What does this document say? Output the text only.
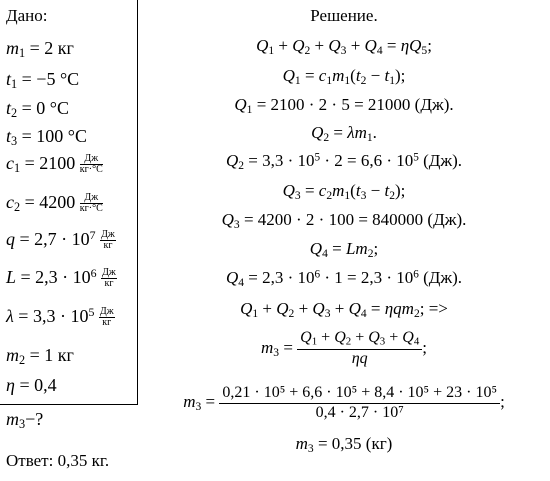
Дано:
$m_1 = 2$ кг
$t_1 = -5$ °C
$t_2 = 0$ °C
$t_3 = 100$ °C
$c_1 = 2100 \frac{Дж}{кг\cdot^\circ C}$
$c_2 = 4200 \frac{Дж}{кг\cdot^\circ C}$
$q = 2,7 \cdot 10^7 \frac{Дж}{кг}$
$L = 2,3 \cdot 10^6 \frac{Дж}{кг}$
$\lambda = 3,3 \cdot 10^5 \frac{Дж}{кг}$
$m_2 = 1$ кг
η = 0,4
$m_3-$?
Решение.
$Q_1 + Q_2 + Q_3 + Q_4 = \eta Q_5$;
$Q_1 = c_1m_1(t_2 - t_1)$;
$Q_1 = 2100 \cdot 2 \cdot 5 = 21000$ (Дж).
$Q_2 = \lambda m_1$.
$Q_2 = 3,3 \cdot 10^5 \cdot 2 = 6,6 \cdot 10^5$ (Дж).
$Q_3 = c_2m_1(t_3 - t_2)$;
$Q_3 = 4200 \cdot 2 \cdot 100 = 840000$ (Дж).
$Q_4 = Lm_2$;
$Q_4 = 2,3 \cdot 10^6 \cdot 1 = 2,3 \cdot 10^6$ (Дж).
$Q_1 + Q_2 + Q_3 + Q_4 = \eta qm_2$; =>
$m_3 = \frac{Q_1 + Q_2 + Q_3 + Q_4}{\eta q}$ ;
$m_3 = \frac{\text{0,21 · 10⁵ + 6,6 · 10⁵ + 8,4 · 10⁵ + 23 · 10⁵}}{\text{0,4 · 2,7 · 10⁷}}$ ;
$m_3 = 0,35$ (кг)
Ответ: 0,35 кг.
